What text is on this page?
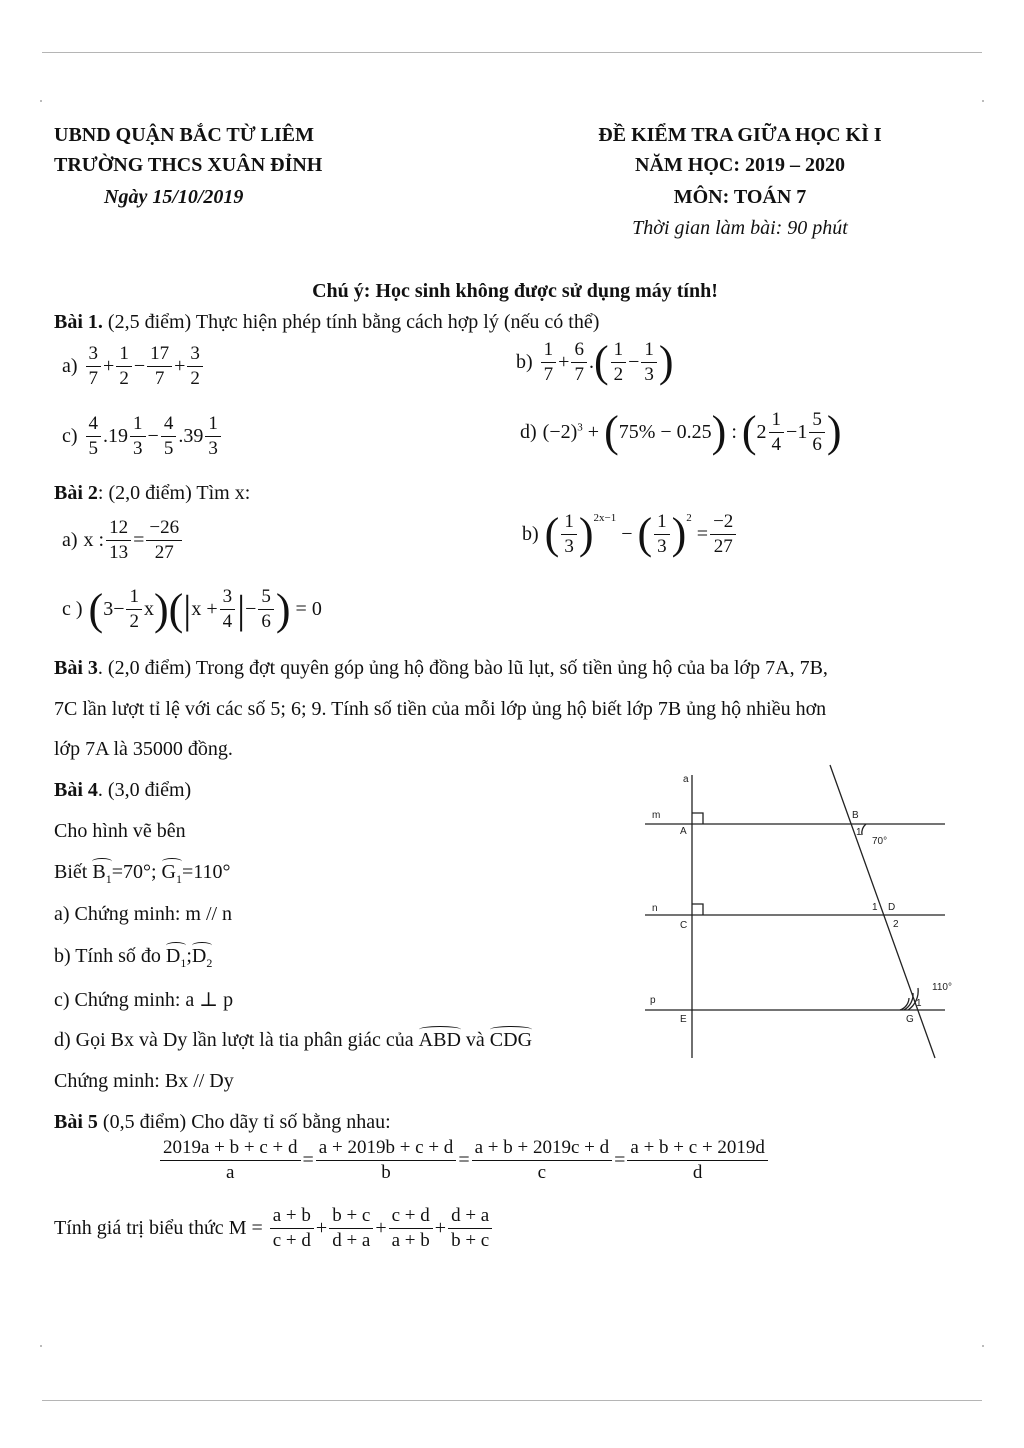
UBND QUẬN BẮC TỪ LIÊM
TRƯỜNG THCS XUÂN ĐỈNH
Ngày 15/10/2019
ĐỀ KIỂM TRA GIỮA HỌC KÌ I
NĂM HỌC: 2019 – 2020
MÔN: TOÁN 7
Thời gian làm bài: 90 phút
Chú ý: Học sinh không được sử dụng máy tính!
Bài 1. (2,5 điểm) Thực hiện phép tính bằng cách hợp lý (nếu có thể)
$a) \frac{3}{7} + \frac{1}{2} - \frac{17}{7} + \frac{3}{2}$	$b) \frac{1}{7} + \frac{6}{7}$ . ( $\frac{1}{2} - \frac{1}{3}$ )
$c) \frac{4}{5} .19 \frac{1}{3} - \frac{4}{5} .39 \frac{1}{3}$	d) $(-2)^3$ + ( 75% − 0.25 ) : ( $2 \frac{1}{4} -1 \frac{5}{6}$ )
Bài 2: (2,0 điểm) Tìm x:
a) x : $\frac{12}{13} = \frac{-26}{27}$	b) ( $\frac{1}{3} )^{2x-1}$
− ( $\frac{1}{3} )^2$
= $\frac{-2}{27}$
c ) ( $3- \frac{1}{2}$ x ) ( | $x + \frac{3}{4}$ | − $\frac{5}{6}$ ) = 0
Bài 3. (2,0 điểm) Trong đợt quyên góp ủng hộ đồng bào lũ lụt, số tiền ủng hộ của ba lớp 7A, 7B,
7C lần lượt tỉ lệ với các số 5; 6; 9. Tính số tiền của mỗi lớp ủng hộ biết lớp 7B ủng hộ nhiều hơn
lớp 7A là 35000 đồng.
Bài 4. (3,0 điểm)
Cho hình vẽ bên
Biết $B_1=70^\circ$; $G_1=110^\circ$
a) Chứng minh: m // n
b) Tính số đo $D_1;D_2$
c) Chứng minh: a ⊥ p
d) Gọi Bx và Dy lần lượt là tia phân giác của ABD và CDG
Chứng minh: Bx // Dy
a
m
n
p
A
B
C
D
E	G
1
1
2
1
70°
110°
Bài 5 (0,5 điểm) Cho dãy tỉ số bằng nhau:
$\frac{2019a + b + c + d}{a} = \frac{a + 2019b + c + d}{b} = \frac{a + b + 2019c + d}{c} = \frac{a + b + c + 2019d}{d}$
Tính giá trị biểu thức M =
$\frac{a + b}{c + d} + \frac{b + c}{d + a} + \frac{c + d}{a + b} + \frac{d + a}{b + c}$
